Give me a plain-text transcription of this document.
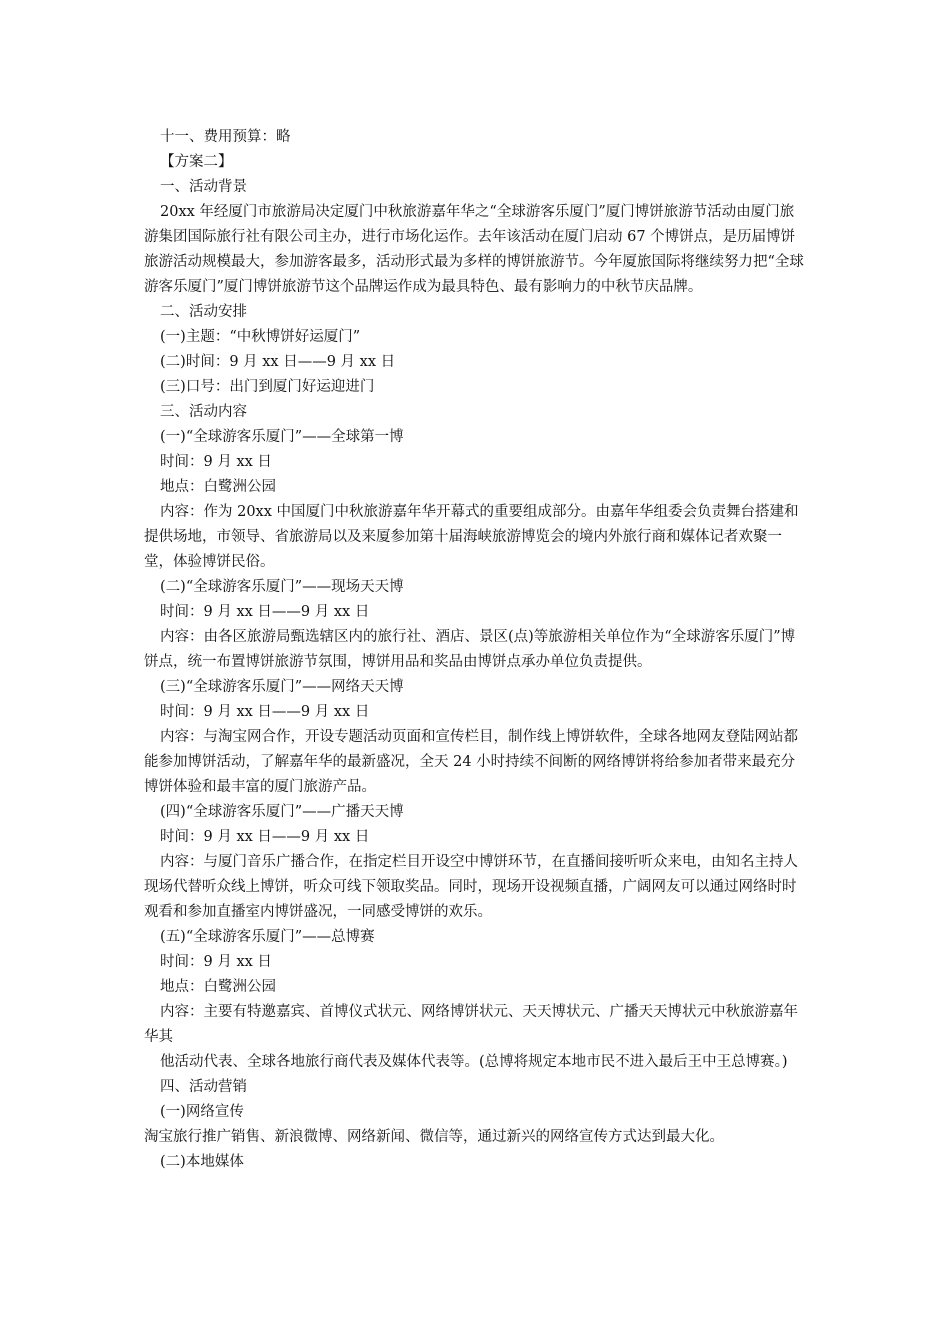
十一、费用预算：略

【方案二】

一、活动背景

20xx 年经厦门市旅游局决定厦门中秋旅游嘉年华之“全球游客乐厦门”厦门博饼旅游节活动由厦门旅游集团国际旅行社有限公司主办，进行市场化运作。去年该活动在厦门启动 67 个博饼点，是历届博饼旅游活动规模最大，参加游客最多，活动形式最为多样的博饼旅游节。今年厦旅国际将继续努力把“全球游客乐厦门”厦门博饼旅游节这个品牌运作成为最具特色、最有影响力的中秋节庆品牌。

二、活动安排

(一)主题：“中秋博饼好运厦门”

(二)时间：9 月 xx 日——9 月 xx 日

(三)口号：出门到厦门好运迎进门

三、活动内容

(一)“全球游客乐厦门”——全球第一博

时间：9 月 xx 日

地点：白鹭洲公园

内容：作为 20xx 中国厦门中秋旅游嘉年华开幕式的重要组成部分。由嘉年华组委会负责舞台搭建和提供场地，市领导、省旅游局以及来厦参加第十届海峡旅游博览会的境内外旅行商和媒体记者欢聚一堂，体验博饼民俗。

(二)“全球游客乐厦门”——现场天天博

时间：9 月 xx 日——9 月 xx 日

内容：由各区旅游局甄选辖区内的旅行社、酒店、景区(点)等旅游相关单位作为“全球游客乐厦门”博饼点，统一布置博饼旅游节氛围，博饼用品和奖品由博饼点承办单位负责提供。

(三)“全球游客乐厦门”——网络天天博

时间：9 月 xx 日——9 月 xx 日

内容：与淘宝网合作，开设专题活动页面和宣传栏目，制作线上博饼软件，全球各地网友登陆网站都能参加博饼活动，了解嘉年华的最新盛况，全天 24 小时持续不间断的网络博饼将给参加者带来最充分博饼体验和最丰富的厦门旅游产品。

(四)“全球游客乐厦门”——广播天天博

时间：9 月 xx 日——9 月 xx 日

内容：与厦门音乐广播合作，在指定栏目开设空中博饼环节，在直播间接听听众来电，由知名主持人现场代替听众线上博饼，听众可线下领取奖品。同时，现场开设视频直播，广阔网友可以通过网络时时观看和参加直播室内博饼盛况，一同感受博饼的欢乐。

(五)“全球游客乐厦门”——总博赛

时间：9 月 xx 日

地点：白鹭洲公园

内容：主要有特邀嘉宾、首博仪式状元、网络博饼状元、天天博状元、广播天天博状元中秋旅游嘉年华其

他活动代表、全球各地旅行商代表及媒体代表等。(总博将规定本地市民不进入最后王中王总博赛。)

四、活动营销

(一)网络宣传

淘宝旅行推广销售、新浪微博、网络新闻、微信等，通过新兴的网络宣传方式达到最大化。

(二)本地媒体
